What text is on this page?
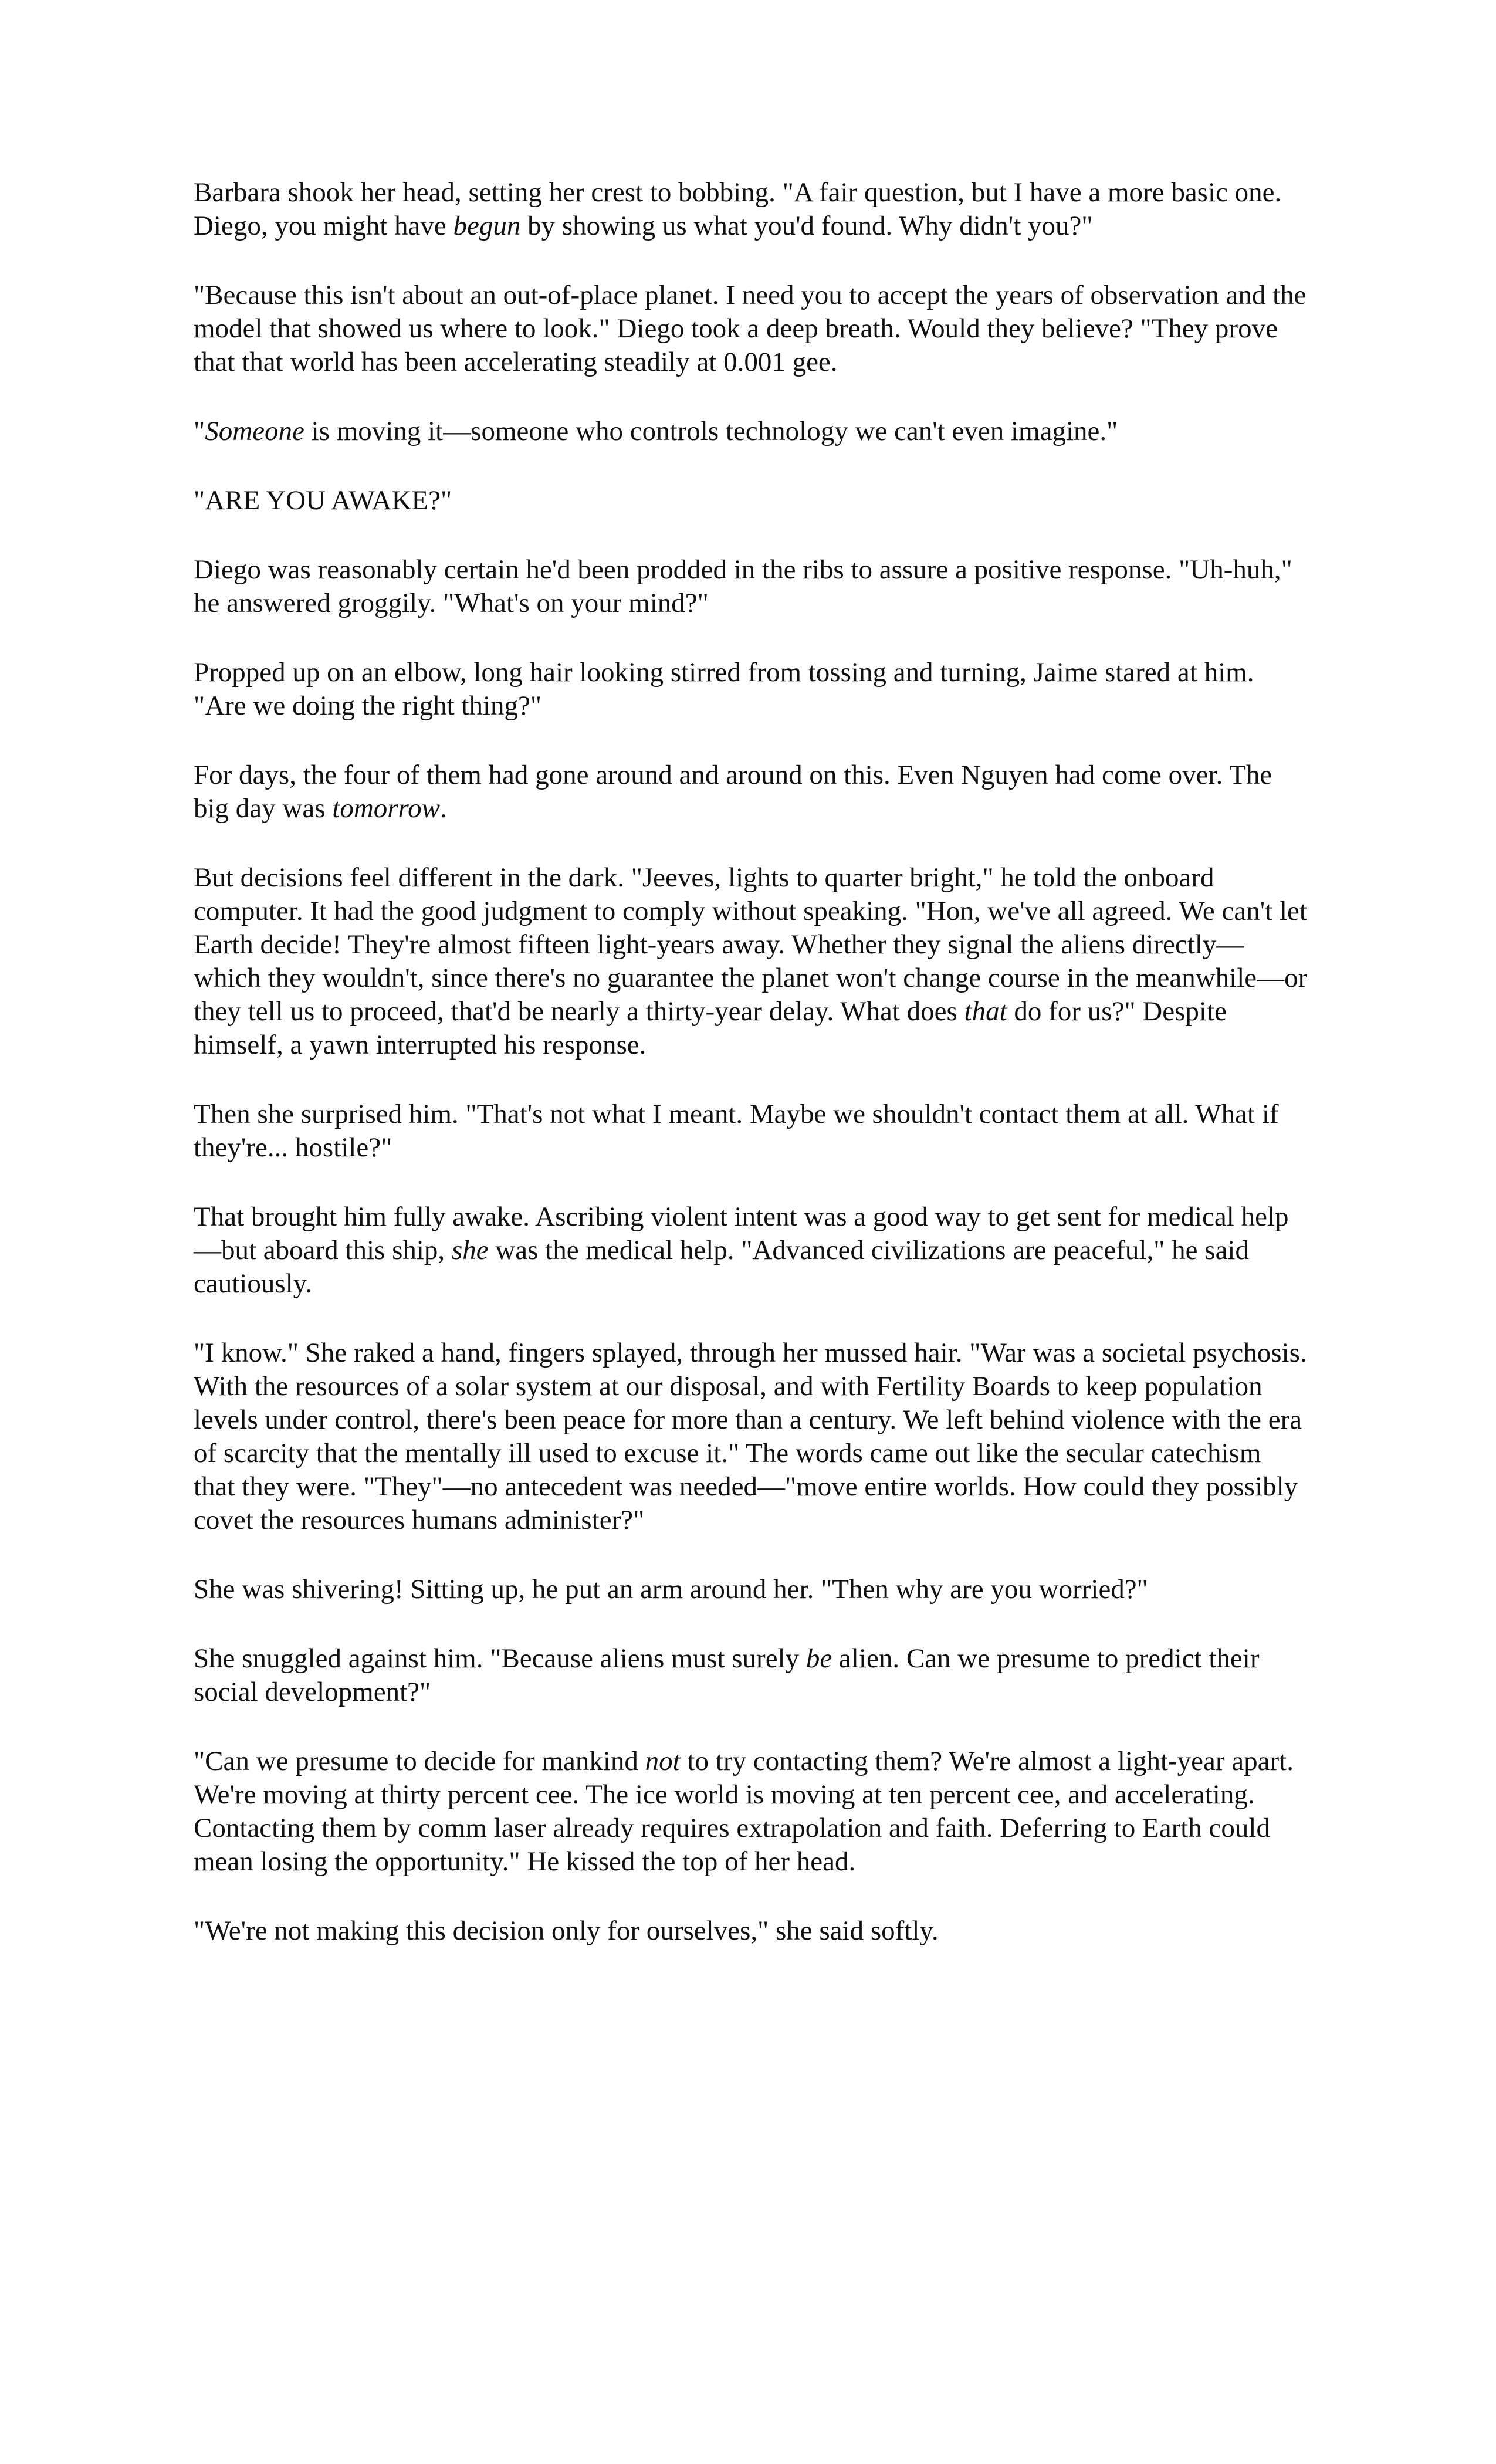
Barbara shook her head, setting her crest to bobbing. "A fair question, but I have a more basic one. Diego, you might have begun by showing us what you'd found. Why didn't you?"

"Because this isn't about an out-of-place planet. I need you to accept the years of observation and the model that showed us where to look." Diego took a deep breath. Would they believe? "They prove that that world has been accelerating steadily at 0.001 gee.

"Someone is moving it—someone who controls technology we can't even imagine."

"ARE YOU AWAKE?"

Diego was reasonably certain he'd been prodded in the ribs to assure a positive response. "Uh-huh," he answered groggily. "What's on your mind?"

Propped up on an elbow, long hair looking stirred from tossing and turning, Jaime stared at him. "Are we doing the right thing?"

For days, the four of them had gone around and around on this. Even Nguyen had come over. The big day was tomorrow.

But decisions feel different in the dark. "Jeeves, lights to quarter bright," he told the onboard computer. It had the good judgment to comply without speaking. "Hon, we've all agreed. We can't let Earth decide! They're almost fifteen light-years away. Whether they signal the aliens directly—which they wouldn't, since there's no guarantee the planet won't change course in the meanwhile—or they tell us to proceed, that'd be nearly a thirty-year delay. What does that do for us?" Despite himself, a yawn interrupted his response.

Then she surprised him. "That's not what I meant. Maybe we shouldn't contact them at all. What if they're... hostile?"

That brought him fully awake. Ascribing violent intent was a good way to get sent for medical help—but aboard this ship, she was the medical help. "Advanced civilizations are peaceful," he said cautiously.

"I know." She raked a hand, fingers splayed, through her mussed hair. "War was a societal psychosis. With the resources of a solar system at our disposal, and with Fertility Boards to keep population levels under control, there's been peace for more than a century. We left behind violence with the era of scarcity that the mentally ill used to excuse it." The words came out like the secular catechism that they were. "They"—no antecedent was needed—"move entire worlds. How could they possibly covet the resources humans administer?"

She was shivering! Sitting up, he put an arm around her. "Then why are you worried?"

She snuggled against him. "Because aliens must surely be alien. Can we presume to predict their social development?"

"Can we presume to decide for mankind not to try contacting them? We're almost a light-year apart. We're moving at thirty percent cee. The ice world is moving at ten percent cee, and accelerating. Contacting them by comm laser already requires extrapolation and faith. Deferring to Earth could mean losing the opportunity." He kissed the top of her head.

"We're not making this decision only for ourselves," she said softly.
